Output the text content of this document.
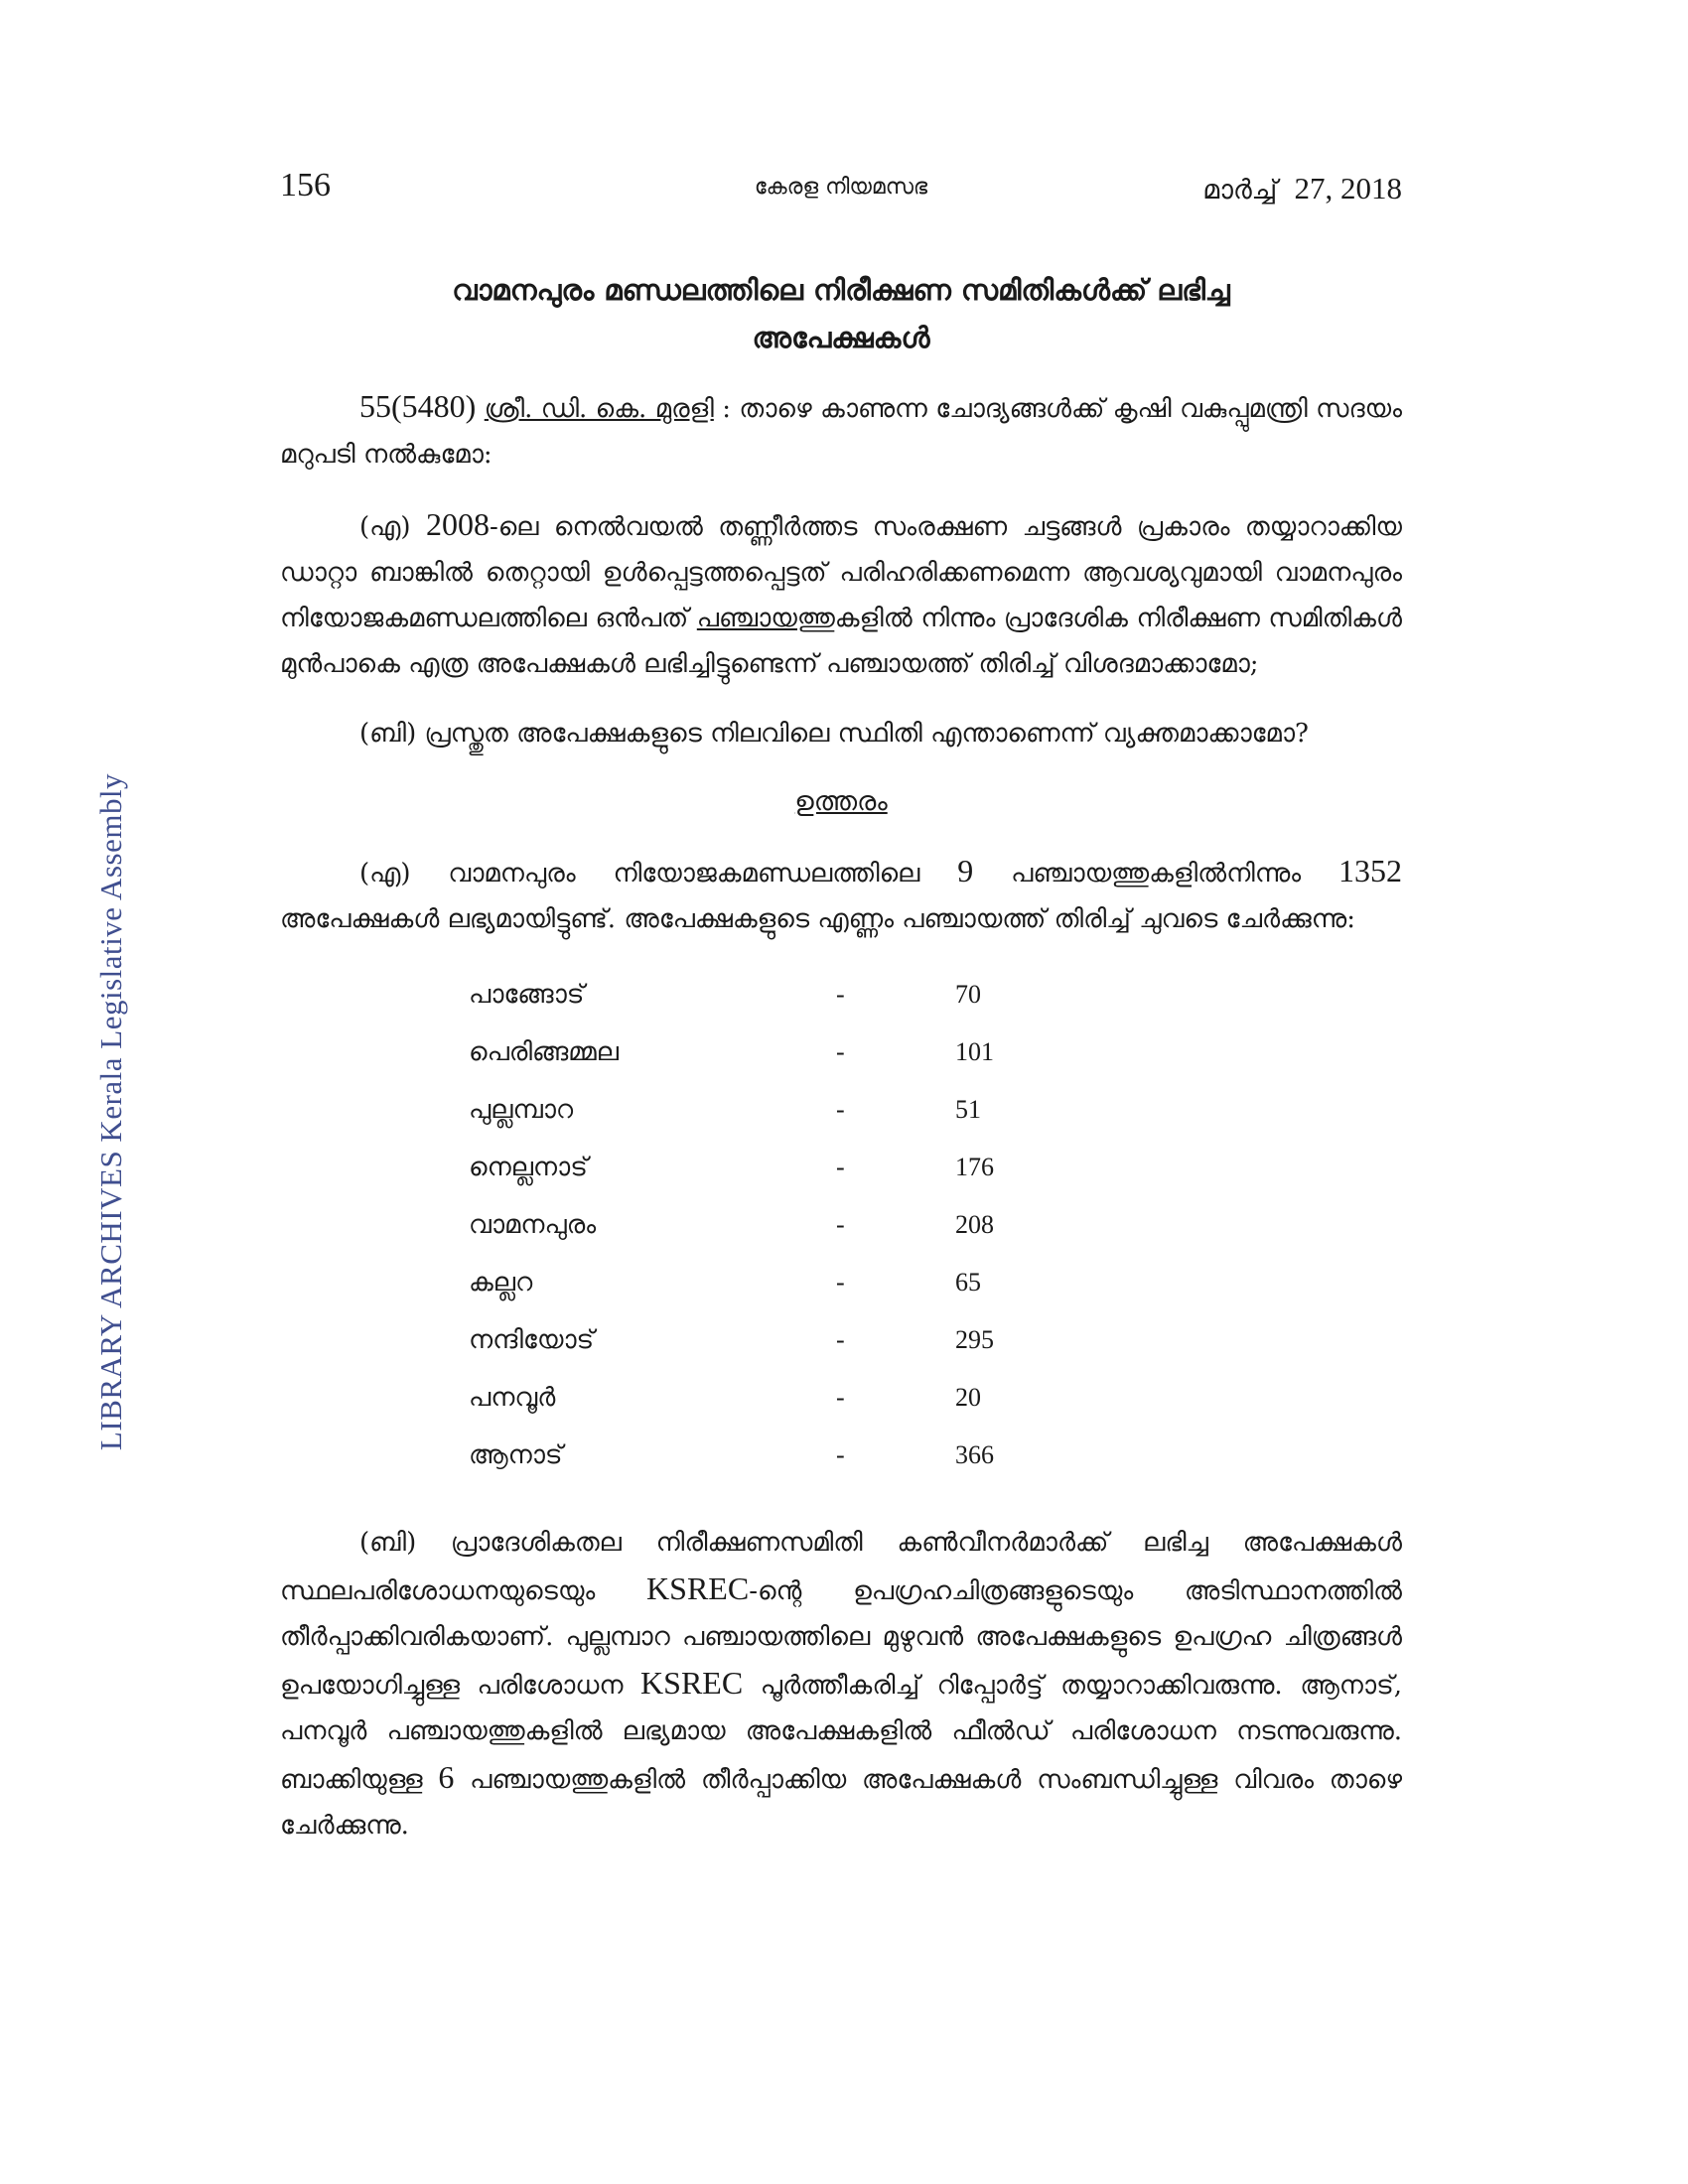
LIBRARY ARCHIVES Kerala Legislative Assembly
156	കേരള നിയമസഭ	മാർച്ച് 27, 2018
വാമനപുരം മണ്ഡലത്തിലെ നിരീക്ഷണ സമിതികൾക്ക് ലഭിച്ച
അപേക്ഷകൾ

55(5480) ശ്രീ. ഡി. കെ. മുരളി : താഴെ കാണുന്ന ചോദ്യങ്ങൾക്ക് കൃഷി വകുപ്പുമന്ത്രി സദയം മറുപടി നൽകുമോ:

(എ) 2008-ലെ നെൽവയൽ തണ്ണീർത്തട സംരക്ഷണ ചട്ടങ്ങൾ പ്രകാരം തയ്യാറാക്കിയ ഡാറ്റാ ബാങ്കിൽ തെറ്റായി ഉൾപ്പെട്ടത്തപ്പെട്ടത് പരിഹരിക്കണമെന്ന ആവശ്യവുമായി വാമനപുരം നിയോജകമണ്ഡലത്തിലെ ഒൻപത് പഞ്ചായത്തുകളിൽ നിന്നും പ്രാദേശിക നിരീക്ഷണ സമിതികൾ മുൻപാകെ എത്ര അപേക്ഷകൾ ലഭിച്ചിട്ടുണ്ടെന്ന് പഞ്ചായത്ത് തിരിച്ച് വിശദമാക്കാമോ;

(ബി) പ്രസ്തുത അപേക്ഷകളുടെ നിലവിലെ സ്ഥിതി എന്താണെന്ന് വ്യക്തമാക്കാമോ?

ഉത്തരം

(എ) വാമനപുരം നിയോജകമണ്ഡലത്തിലെ 9 പഞ്ചായത്തുകളിൽനിന്നും 1352 അപേക്ഷകൾ ലഭ്യമായിട്ടുണ്ട്. അപേക്ഷകളുടെ എണ്ണം പഞ്ചായത്ത് തിരിച്ച് ചുവടെ ചേർക്കുന്നു:

പാങ്ങോട്	-	70
പെരിങ്ങമ്മല	-	101
പുല്ലമ്പാറ	-	51
നെല്ലനാട്	-	176
വാമനപുരം	-	208
കല്ലറ	-	65
നന്ദിയോട്	-	295
പനവൂർ	-	20
ആനാട്	-	366

(ബി) പ്രാദേശികതല നിരീക്ഷണസമിതി കൺവീനർമാർക്ക് ലഭിച്ച അപേക്ഷകൾ സ്ഥലപരിശോധനയുടെയും KSREC-ന്റെ ഉപഗ്രഹചിത്രങ്ങളുടെയും അടിസ്ഥാനത്തിൽ തീർപ്പാക്കിവരികയാണ്. പുല്ലമ്പാറ പഞ്ചായത്തിലെ മുഴുവൻ അപേക്ഷകളുടെ ഉപഗ്രഹ ചിത്രങ്ങൾ ഉപയോഗിച്ചുള്ള പരിശോധന KSREC പൂർത്തീകരിച്ച് റിപ്പോർട്ട് തയ്യാറാക്കിവരുന്നു. ആനാട്, പനവൂർ പഞ്ചായത്തുകളിൽ ലഭ്യമായ അപേക്ഷകളിൽ ഫീൽഡ് പരിശോധന നടന്നുവരുന്നു. ബാക്കിയുള്ള 6 പഞ്ചായത്തുകളിൽ തീർപ്പാക്കിയ അപേക്ഷകൾ സംബന്ധിച്ചുള്ള വിവരം താഴെ ചേർക്കുന്നു.
